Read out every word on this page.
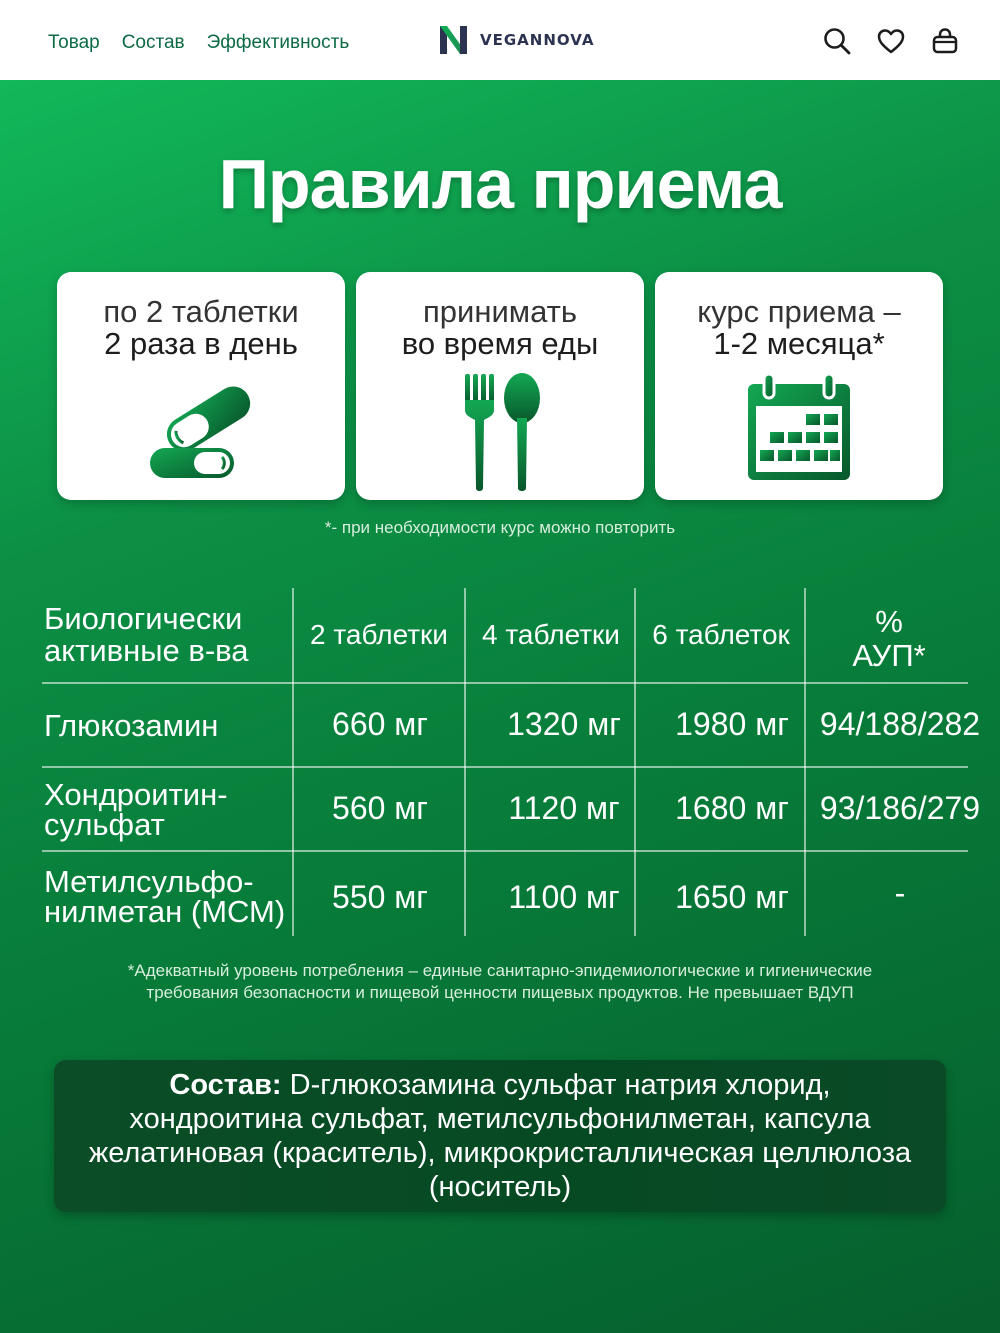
Товар Состав Эффективность	VEGANNOVA
Правила приема
по 2 таблетки
2 раза в день
принимать
во время еды
курс приема –
1-2 месяца*
*- при необходимости курс можно повторить
Биологически
активные в-ва	2 таблетки	4 таблетки	6 таблеток	%
АУП*
Глюкозамин	660 мг	1320 мг	1980 мг 94/188/282
Хондроитин-
сульфат	560 мг	1120 мг	1680 мг 93/186/279
Метилсульфо-
нилметан (МСМ)	550 мг	1100 мг	1650 мг	-
*Адекватный уровень потребления – единые санитарно-эпидемиологические и гигиенические
требования безопасности и пищевой ценности пищевых продуктов. Не превышает ВДУП

Состав: D-глюкозамина сульфат натрия хлорид, хондроитина сульфат, метилсульфонилметан, капсула желатиновая (краситель), микрокристаллическая целлюлоза (носитель)
